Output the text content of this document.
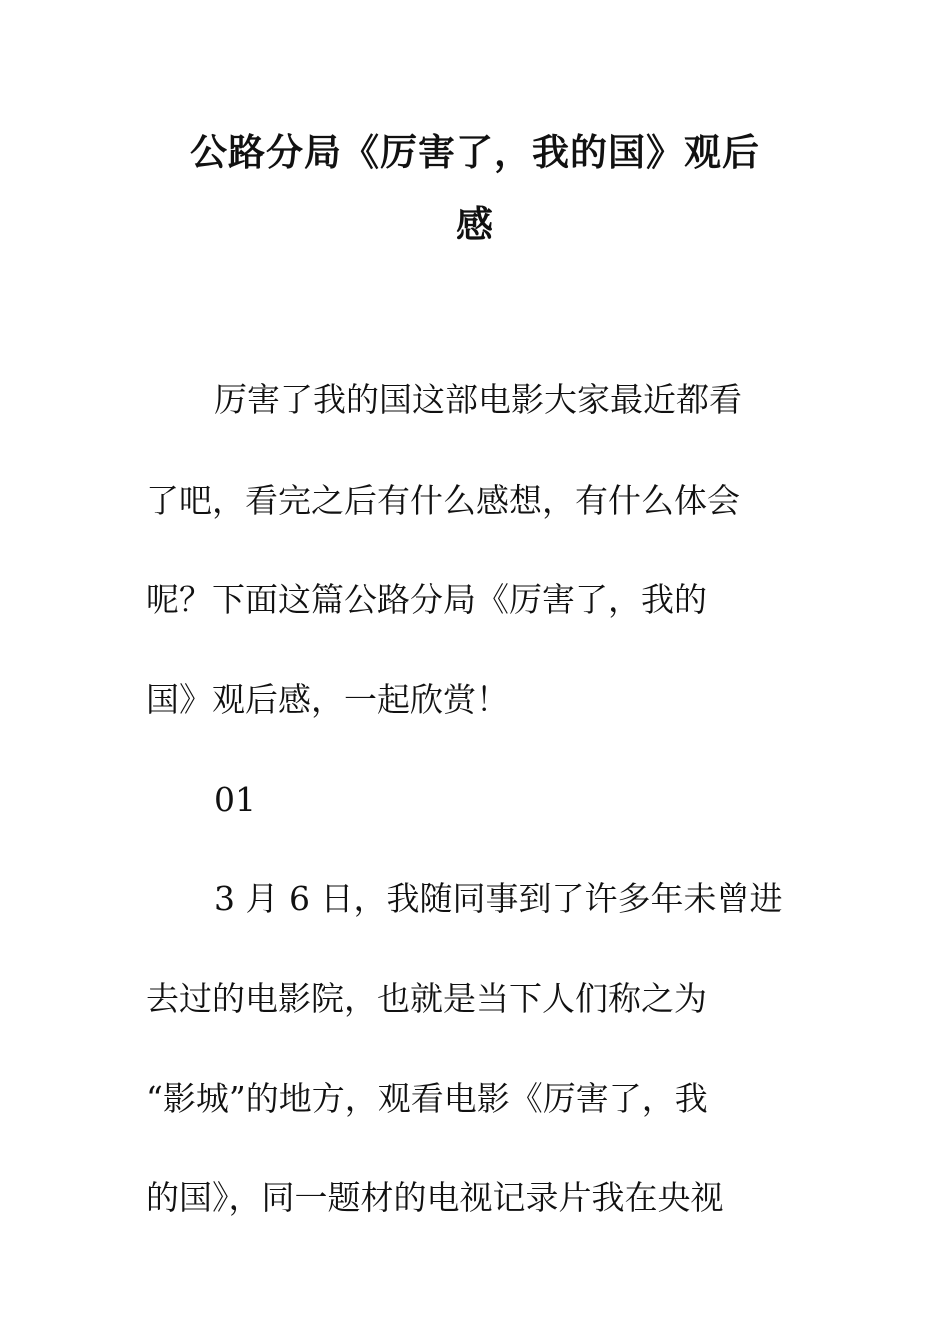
公路分局《厉害了，我的国》观后
感

厉害了我的国这部电影大家最近都看

了吧，看完之后有什么感想，有什么体会

呢？下面这篇公路分局《厉害了，我的

国》观后感，一起欣赏！

01

3 月 6 日，我随同事到了许多年未曾进

去过的电影院，也就是当下人们称之为

“影城”的地方，观看电影《厉害了，我

的国》，同一题材的电视记录片我在央视
